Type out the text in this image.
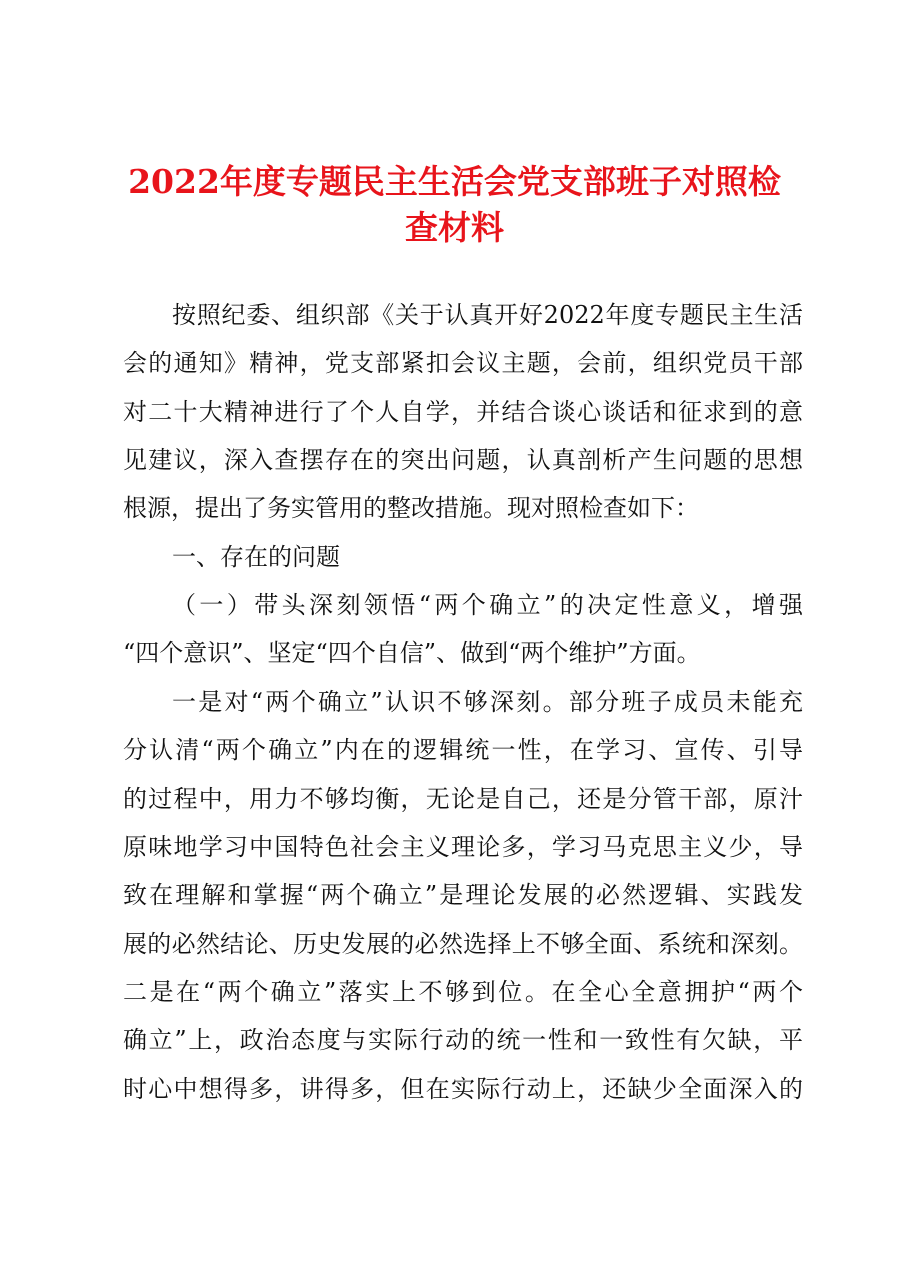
2022年度专题民主生活会党支部班子对照检
查材料
按照纪委、组织部《关于认真开好2022年度专题民主生活
会的通知》精神，党支部紧扣会议主题，会前，组织党员干部
对二十大精神进行了个人自学，并结合谈心谈话和征求到的意
见建议，深入查摆存在的突出问题，认真剖析产生问题的思想
根源，提出了务实管用的整改措施。现对照检查如下：
一、存在的问题
（一）带头深刻领悟“两个确立”的决定性意义，增强
“四个意识”、坚定“四个自信”、做到“两个维护”方面。
一是对“两个确立”认识不够深刻。部分班子成员未能充
分认清“两个确立”内在的逻辑统一性，在学习、宣传、引导
的过程中，用力不够均衡，无论是自己，还是分管干部，原汁
原味地学习中国特色社会主义理论多，学习马克思主义少，导
致在理解和掌握“两个确立”是理论发展的必然逻辑、实践发
展的必然结论、历史发展的必然选择上不够全面、系统和深刻。
二是在“两个确立”落实上不够到位。在全心全意拥护“两个
确立”上，政治态度与实际行动的统一性和一致性有欠缺，平
时心中想得多，讲得多，但在实际行动上，还缺少全面深入的
